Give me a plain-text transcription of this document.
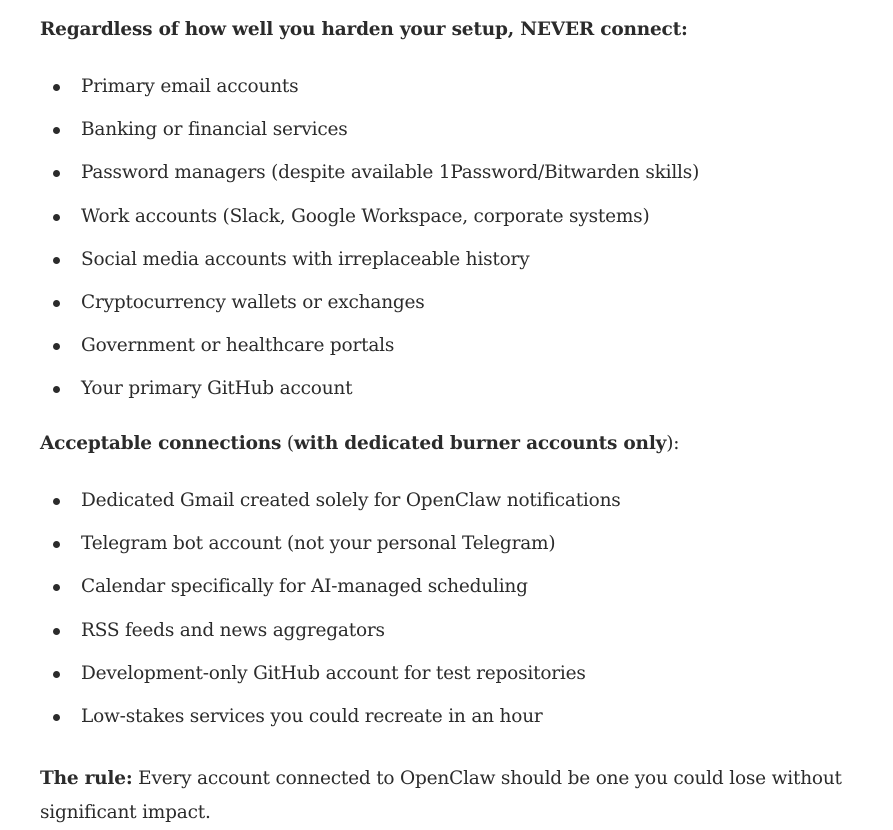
Regardless of how well you harden your setup, NEVER connect:
Primary email accounts
Banking or financial services
Password managers (despite available 1Password/Bitwarden skills)
Work accounts (Slack, Google Workspace, corporate systems)
Social media accounts with irreplaceable history
Cryptocurrency wallets or exchanges
Government or healthcare portals
Your primary GitHub account
Acceptable connections (with dedicated burner accounts only):
Dedicated Gmail created solely for OpenClaw notifications
Telegram bot account (not your personal Telegram)
Calendar specifically for AI-managed scheduling
RSS feeds and news aggregators
Development-only GitHub account for test repositories
Low-stakes services you could recreate in an hour

The rule: Every account connected to OpenClaw should be one you could lose without significant impact.
